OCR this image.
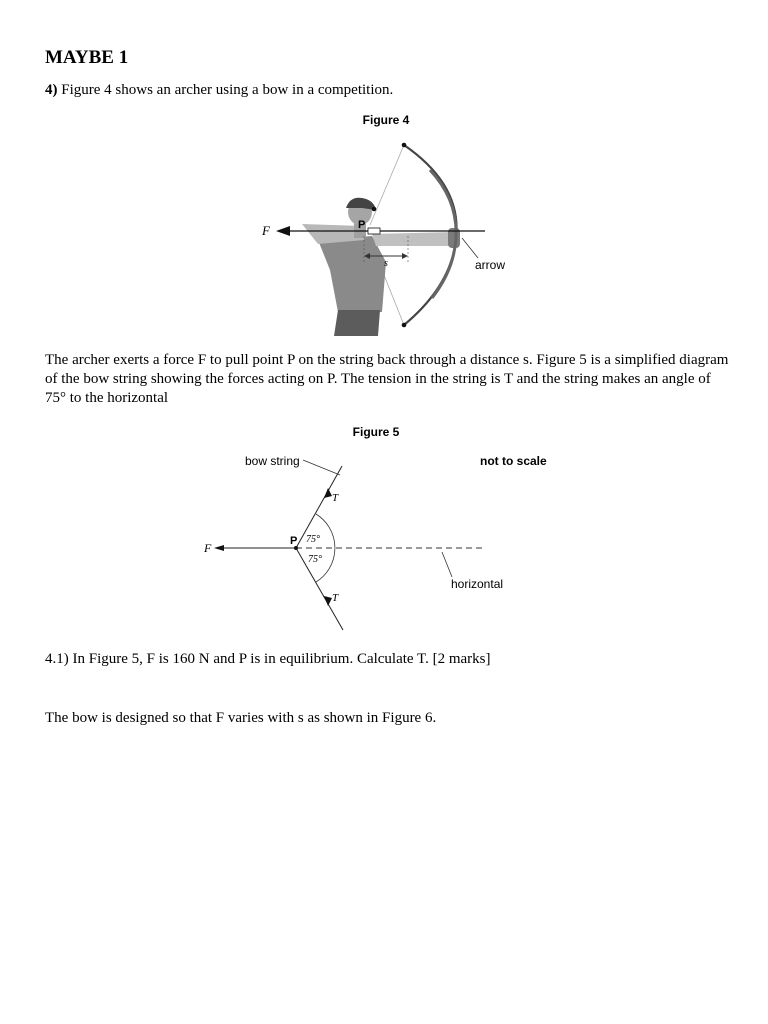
MAYBE 1

4) Figure 4 shows an archer using a bow in a competition.

Figure 4
F	P
s	arrow

The archer exerts a force F to pull point P on the string back through a distance s. Figure 5 is a simplified diagram of the bow string showing the forces acting on P. The tension in the string is T and the string makes an angle of 75° to the horizontal

Figure 5
bow string	not to scale
F	P
T
T
75°
75°
horizontal

4.1) In Figure 5, F is 160 N and P is in equilibrium. Calculate T. [2 marks]

The bow is designed so that F varies with s as shown in Figure 6.
